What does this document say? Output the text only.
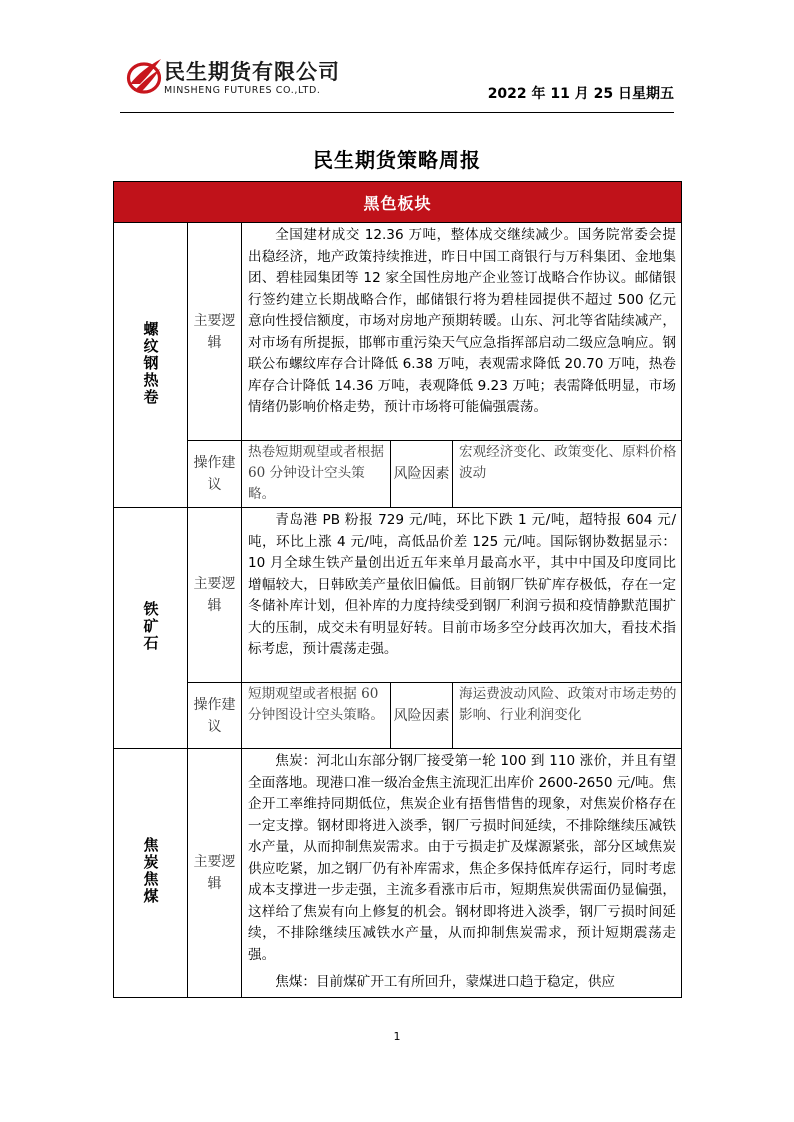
民生期货有限公司
MINSHENG FUTURES CO.,LTD.	2022 年 11 月 25 日星期五
民生期货策略周报
黑色板块				
螺纹钢热卷	主要逻辑	全国建材成交 12.36 万吨，整体成交继续减少。国务院常委会提出稳经济，地产政策持续推进，昨日中国工商银行与万科集团、金地集团、碧桂园集团等 12 家全国性房地产企业签订战略合作协议。邮储银行签约建立长期战略合作，邮储银行将为碧桂园提供不超过 500 亿元意向性授信额度，市场对房地产预期转暖。山东、河北等省陆续减产，对市场有所提振，邯郸市重污染天气应急指挥部启动二级应急响应。钢联公布螺纹库存合计降低 6.38 万吨，表观需求降低 20.70 万吨，热卷库存合计降低 14.36 万吨，表观降低 9.23 万吨；表需降低明显，市场情绪仍影响价格走势，预计市场将可能偏强震荡。		

	操作建议	热卷短期观望或者根据 60 分钟设计空头策略。	风险因素	宏观经济变化、政策变化、原料价格波动
铁矿石	主要逻辑	青岛港 PB 粉报 729 元/吨，环比下跌 1 元/吨，超特报 604 元/吨，环比上涨 4 元/吨，高低品价差 125 元/吨。国际钢协数据显示：10 月全球生铁产量创出近五年来单月最高水平，其中中国及印度同比增幅较大，日韩欧美产量依旧偏低。目前钢厂铁矿库存极低，存在一定冬储补库计划，但补库的力度持续受到钢厂利润亏损和疫情静默范围扩大的压制，成交未有明显好转。目前市场多空分歧再次加大，看技术指标考虑，预计震荡走强。		

	操作建议	短期观望或者根据 60 分钟图设计空头策略。	风险因素	海运费波动风险、政策对市场走势的影响、行业利润变化
焦炭焦煤	主要逻辑	焦炭：河北山东部分钢厂接受第一轮 100 到 110 涨价，并且有望全面落地。现港口准一级冶金焦主流现汇出库价 2600-2650 元/吨。焦企开工率维持同期低位，焦炭企业有捂售惜售的现象，对焦炭价格存在一定支撑。钢材即将进入淡季，钢厂亏损时间延续，不排除继续压减铁水产量，从而抑制焦炭需求。由于亏损走扩及煤源紧张，部分区域焦炭供应吃紧，加之钢厂仍有补库需求，焦企多保持低库存运行，同时考虑成本支撑进一步走强，主流多看涨市后市，短期焦炭供需面仍显偏强，这样给了焦炭有向上修复的机会。钢材即将进入淡季，钢厂亏损时间延续，不排除继续压减铁水产量，从而抑制焦炭需求，预计短期震荡走强。

焦煤：目前煤矿开工有所回升，蒙煤进口趋于稳定，供应		

1
